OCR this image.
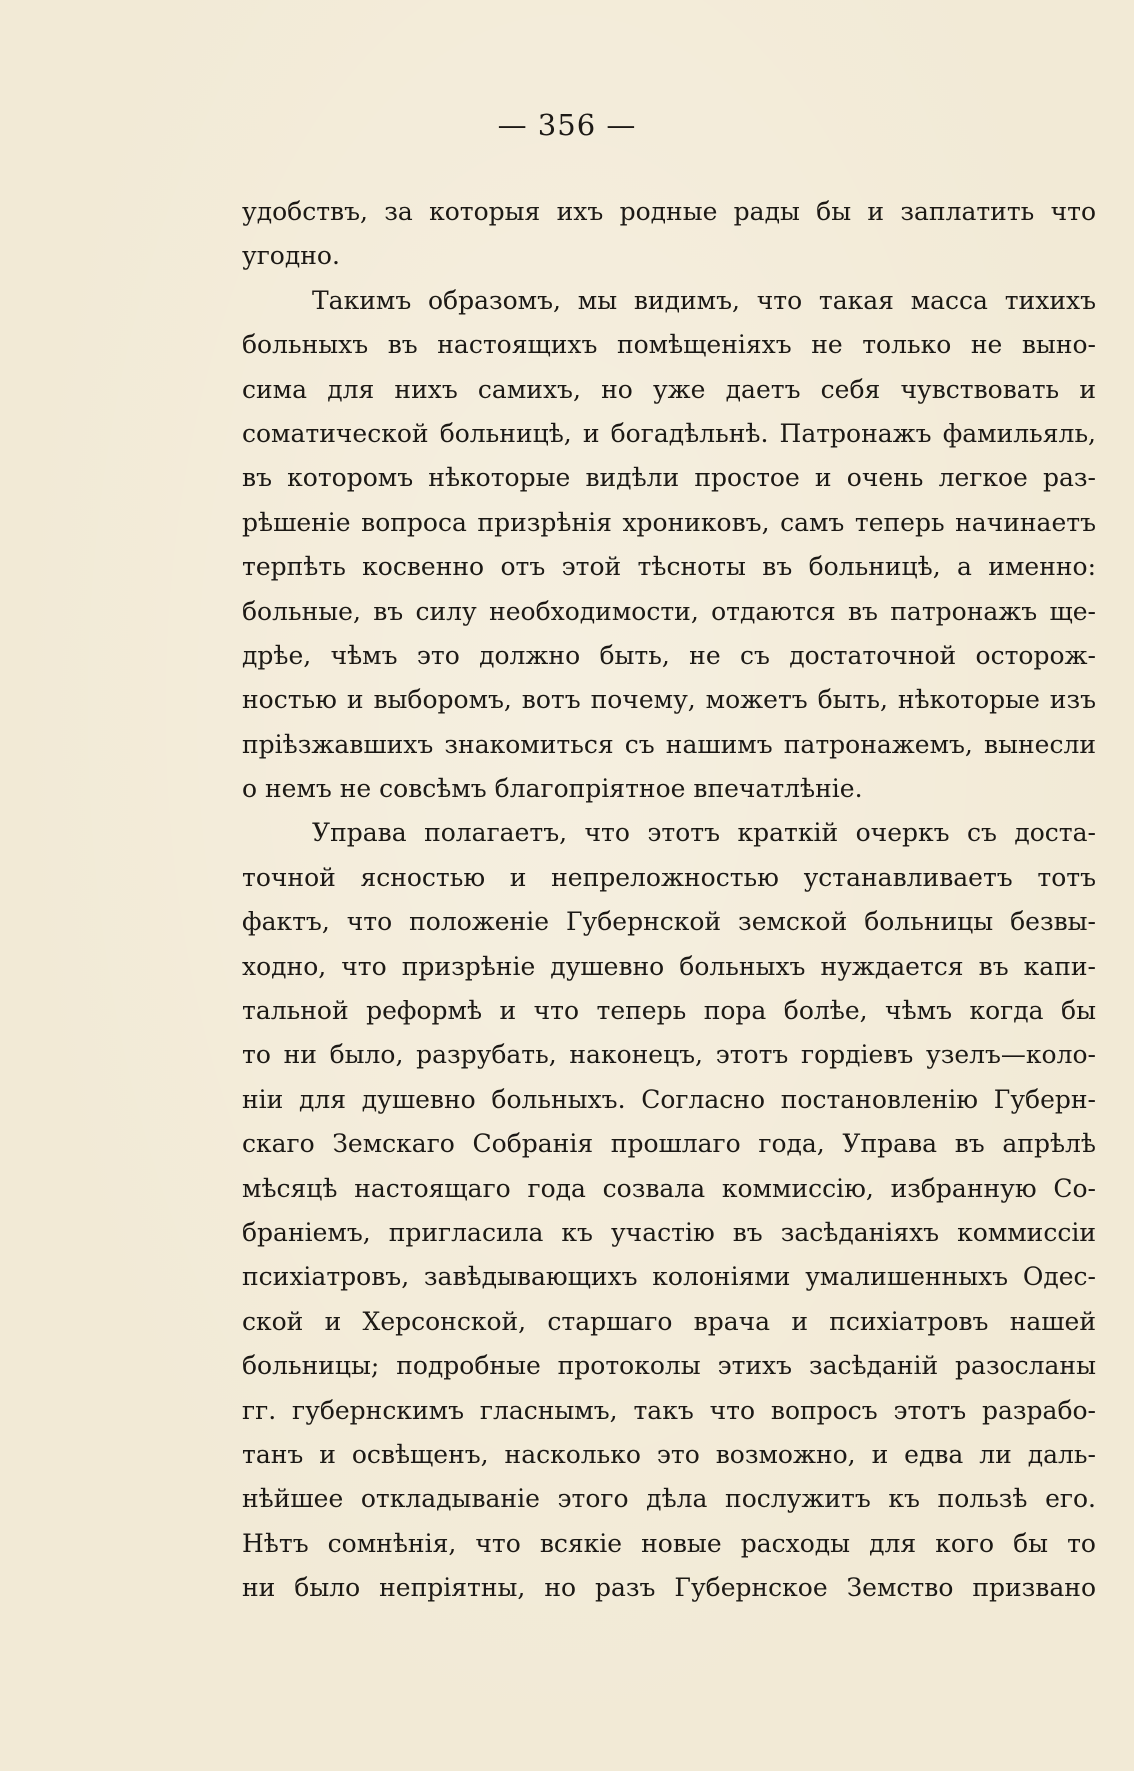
— 356 —
удобствъ, за которыя ихъ родные рады бы и заплатить что
угодно.
Такимъ образомъ, мы видимъ, что такая масса тихихъ
больныхъ въ настоящихъ помѣщеніяхъ не только не выно-
сима для нихъ самихъ, но уже даетъ себя чувствовать и
соматической больницѣ, и богадѣльнѣ. Патронажъ фамильяль,
въ которомъ нѣкоторые видѣли простое и очень легкое раз-
рѣшеніе вопроса призрѣнія хрониковъ, самъ теперь начинаетъ
терпѣть косвенно отъ этой тѣсноты въ больницѣ, а именно:
больные, въ силу необходимости, отдаются въ патронажъ ще-
дрѣе, чѣмъ это должно быть, не съ достаточной осторож-
ностью и выборомъ, вотъ почему, можетъ быть, нѣкоторые изъ
пріѣзжавшихъ знакомиться съ нашимъ патронажемъ, вынесли
о немъ не совсѣмъ благопріятное впечатлѣніе.
Управа полагаетъ, что этотъ краткій очеркъ съ доста-
точной ясностью и непреложностью устанавливаетъ тотъ
фактъ, что положеніе Губернской земской больницы безвы-
ходно, что призрѣніе душевно больныхъ нуждается въ капи-
тальной реформѣ и что теперь пора болѣе, чѣмъ когда бы
то ни было, разрубать, наконецъ, этотъ гордіевъ узелъ—коло-
ніи для душевно больныхъ. Согласно постановленію Губерн-
скаго Земскаго Собранія прошлаго года, Управа въ апрѣлѣ
мѣсяцѣ настоящаго года созвала коммиссію, избранную Со-
браніемъ, пригласила къ участію въ засѣданіяхъ коммиссіи
психіатровъ, завѣдывающихъ колоніями умалишенныхъ Одес-
ской и Херсонской, старшаго врача и психіатровъ нашей
больницы; подробные протоколы этихъ засѣданій разосланы
гг. губернскимъ гласнымъ, такъ что вопросъ этотъ разрабо-
танъ и освѣщенъ, насколько это возможно, и едва ли даль-
нѣйшее откладываніе этого дѣла послужитъ къ пользѣ его.
Нѣтъ сомнѣнія, что всякіе новые расходы для кого бы то
ни было непріятны, но разъ Губернское Земство призвано
